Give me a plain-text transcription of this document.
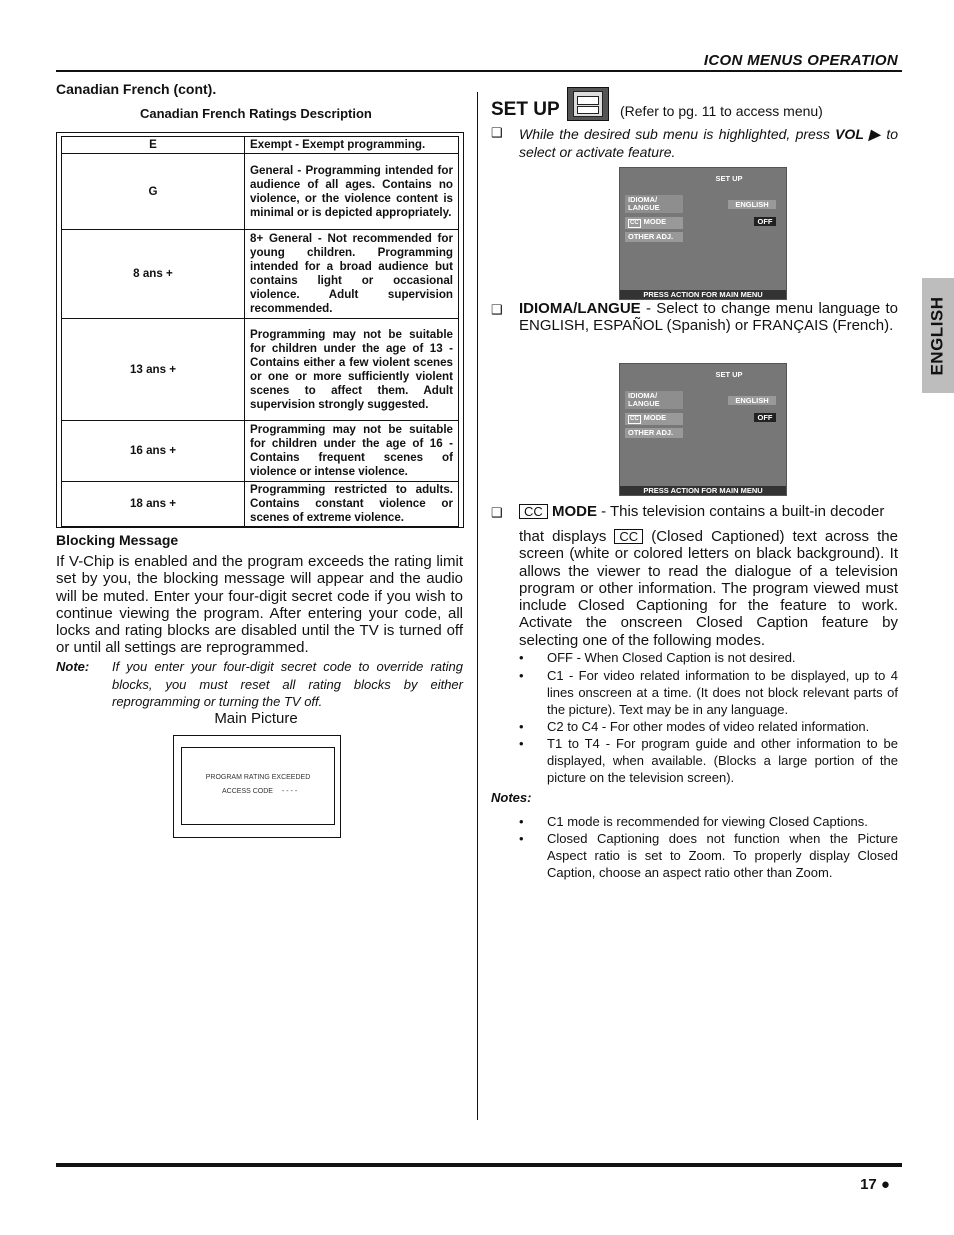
ICON MENUS OPERATION
ENGLISH
17 ●
Canadian French (cont).
Canadian French Ratings Description
E	Exempt - Exempt programming.
G	General - Programming intended for audience of all ages. Contains no violence, or the violence content is minimal or is depicted appropriately.
8 ans +	8+ General - Not recommended for young children. Programming intended for a broad audience but contains light or occasional violence. Adult supervision recommended.
13 ans +	Programming may not be suitable for children under the age of 13 - Contains either a few violent scenes or one or more sufficiently violent scenes to affect them. Adult supervision strongly suggested.
16 ans +	Programming may not be suitable for children under the age of 16 - Contains frequent scenes of violence or intense violence.
18 ans +	Programming restricted to adults. Contains constant violence or scenes of extreme violence.
Blocking Message
If V-Chip is enabled and the program exceeds the rating limit set by you, the blocking message will appear and the audio will be muted. Enter your four-digit secret code if you wish to continue viewing the program. After entering your code, all locks and rating blocks are disabled until the TV is turned off or until all settings are reprogrammed.
Note: If you enter your four-digit secret code to override rating blocks, you must reset all rating blocks by either reprogramming or turning the TV off.
Main Picture
PROGRAM RATING EXCEEDED
ACCESS CODE - - - -
SET UP	(Refer to pg. 11 to access menu)
❑
While the desired sub menu is highlighted, press VOL ▶ to select or activate feature.
SET UP
IDIOMA/ LANGUE
CC MODE
OTHER ADJ.
ENGLISH
OFF
PRESS ACTION FOR MAIN MENU
❑
IDIOMA/LANGUE - Select to change menu language to ENGLISH, ESPAÑOL (Spanish) or FRANÇAIS (French).
SET UP
IDIOMA/ LANGUE
CC MODE
OTHER ADJ.
ENGLISH
OFF
PRESS ACTION FOR MAIN MENU
❑
CC MODE - This television contains a built-in decoder
that displays CC (Closed Captioned) text across the screen (white or colored letters on black background). It allows the viewer to read the dialogue of a television program or other information. The program viewed must include Closed Captioning for the feature to work. Activate the onscreen Closed Caption feature by selecting one of the following modes.
• OFF - When Closed Caption is not desired.
• C1 - For video related information to be displayed, up to 4 lines onscreen at a time. (It does not block relevant parts of the picture). Text may be in any language.
• C2 to C4 - For other modes of video related information.
• T1 to T4 - For program guide and other information to be displayed, when available. (Blocks a large portion of the picture on the television screen).
Notes:
• C1 mode is recommended for viewing Closed Captions.
• Closed Captioning does not function when the Picture Aspect ratio is set to Zoom. To properly display Closed Caption, choose an aspect ratio other than Zoom.
